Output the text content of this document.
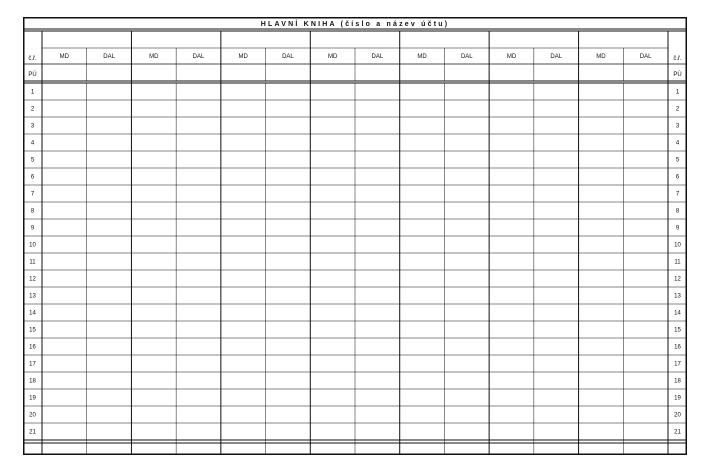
HLAVNÍ KNIHA (číslo a název účtu)
MD	DAL	MD	DAL	MD	DAL	MD	DAL	MD	DAL	MD	DAL	MD	DAL
č.ř.	č.ř.
PÚ	PÚ
1	1
2	2
3	3
4	4
5	5
6	6
7	7
8	8
9	9
10	10
11	11
12	12
13	13
14	14
15	15
16	16
17	17
18	18
19	19
20	20
21	21
